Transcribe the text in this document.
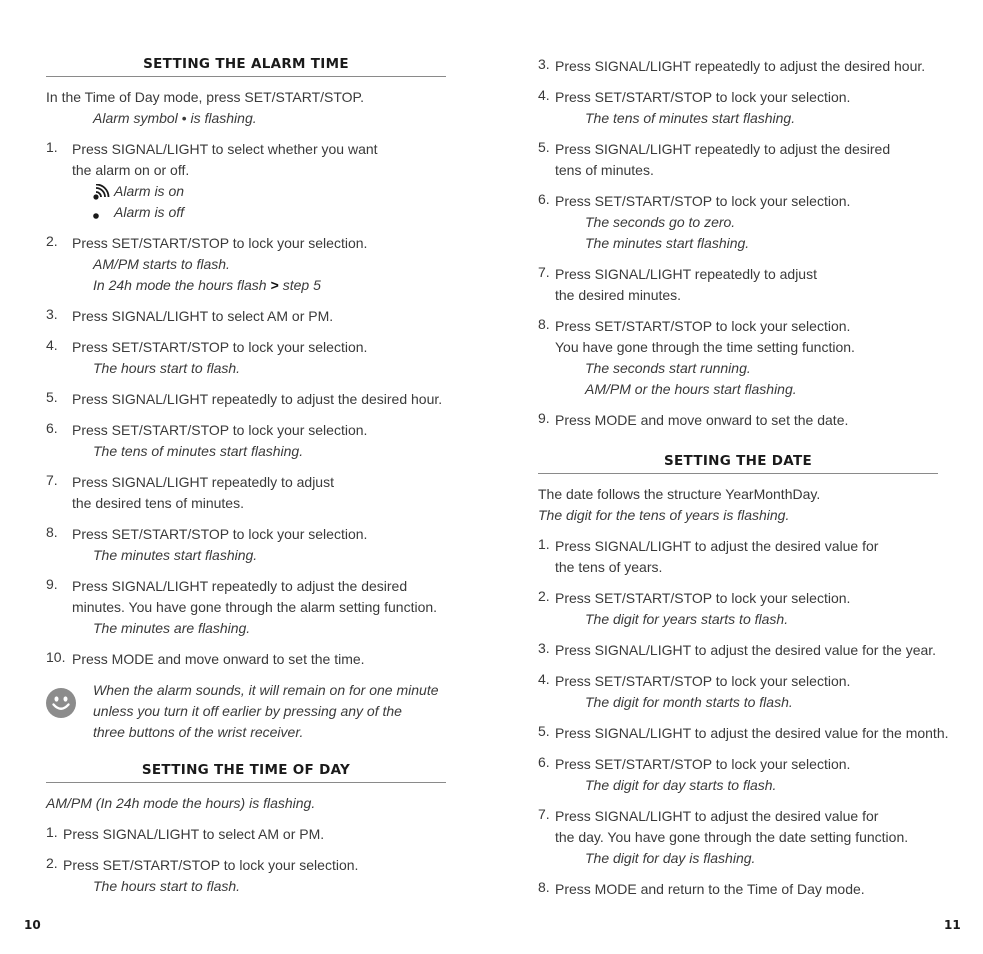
SETTING THE ALARM TIME

In the Time of Day mode, press SET/START/STOP.

Alarm symbol • is flashing.

1.	Press SIGNAL/LIGHT to select whether you want

the alarm on or off.

Alarm is on
Alarm is off
2.	Press SET/START/STOP to lock your selection.

AM/PM starts to flash.

In 24h mode the hours flash > step 5

3.	Press SIGNAL/LIGHT to select AM or PM.

4.	Press SET/START/STOP to lock your selection.

The hours start to flash.

5.	Press SIGNAL/LIGHT repeatedly to adjust the desired hour.

6.	Press SET/START/STOP to lock your selection.

The tens of minutes start flashing.

7.	Press SIGNAL/LIGHT repeatedly to adjust

the desired tens of minutes.

8.	Press SET/START/STOP to lock your selection.

The minutes start flashing.

9.	Press SIGNAL/LIGHT repeatedly to adjust the desired

minutes. You have gone through the alarm setting function.

The minutes are flashing.

10. Press MODE and move onward to set the time.

When the alarm sounds, it will remain on for one minute

unless you turn it off earlier by pressing any of the

three buttons of the wrist receiver.

SETTING THE TIME OF DAY

AM/PM (In 24h mode the hours) is flashing.

1. Press SIGNAL/LIGHT to select AM or PM.

2. Press SET/START/STOP to lock your selection.

The hours start to flash.

3. Press SIGNAL/LIGHT repeatedly to adjust the desired hour.

4. Press SET/START/STOP to lock your selection.

The tens of minutes start flashing.

5. Press SIGNAL/LIGHT repeatedly to adjust the desired

tens of minutes.

6. Press SET/START/STOP to lock your selection.

The seconds go to zero.

The minutes start flashing.

7. Press SIGNAL/LIGHT repeatedly to adjust

the desired minutes.

8. Press SET/START/STOP to lock your selection.

You have gone through the time setting function.

The seconds start running.

AM/PM or the hours start flashing.

9. Press MODE and move onward to set the date.

SETTING THE DATE

The date follows the structure YearMonthDay.

The digit for the tens of years is flashing.

1. Press SIGNAL/LIGHT to adjust the desired value for

the tens of years.

2. Press SET/START/STOP to lock your selection.

The digit for years starts to flash.

3. Press SIGNAL/LIGHT to adjust the desired value for the year.

4. Press SET/START/STOP to lock your selection.

The digit for month starts to flash.

5. Press SIGNAL/LIGHT to adjust the desired value for the month.

6. Press SET/START/STOP to lock your selection.

The digit for day starts to flash.

7. Press SIGNAL/LIGHT to adjust the desired value for

the day. You have gone through the date setting function.

The digit for day is flashing.

8. Press MODE and return to the Time of Day mode.

10	11
